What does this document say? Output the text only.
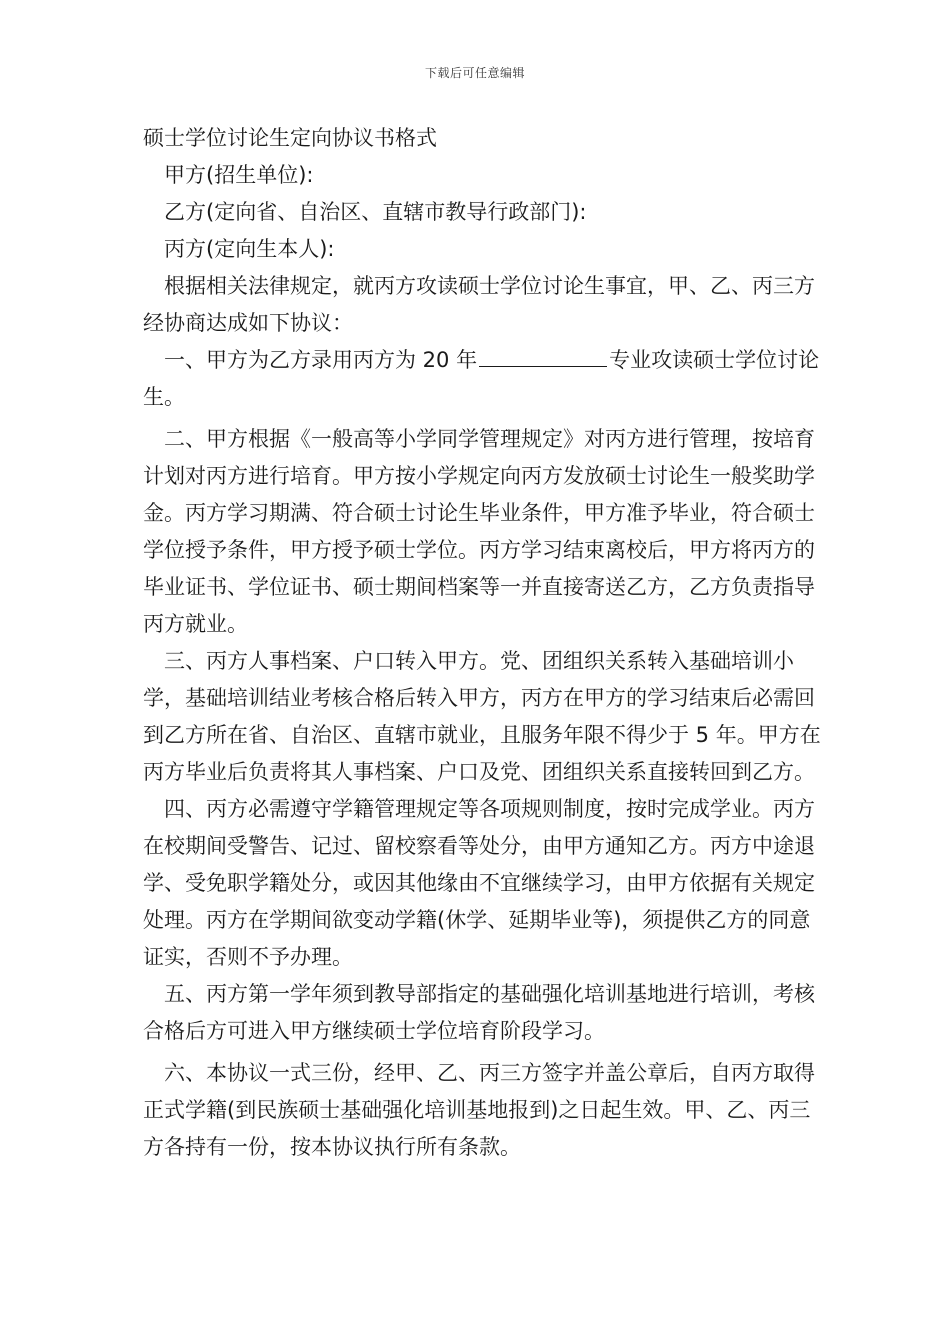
下载后可任意编辑

硕士学位讨论生定向协议书格式

甲方(招生单位):

乙方(定向省、自治区、直辖市教导行政部门):

丙方(定向生本人):

根据相关法律规定，就丙方攻读硕士学位讨论生事宜，甲、乙、丙三方经协商达成如下协议：

一、甲方为乙方录用丙方为 20 年	专业攻读硕士学位讨论生。

二、甲方根据《一般高等小学同学管理规定》对丙方进行管理，按培育计划对丙方进行培育。甲方按小学规定向丙方发放硕士讨论生一般奖助学金。丙方学习期满、符合硕士讨论生毕业条件，甲方准予毕业，符合硕士学位授予条件，甲方授予硕士学位。丙方学习结束离校后，甲方将丙方的毕业证书、学位证书、硕士期间档案等一并直接寄送乙方，乙方负责指导丙方就业。

三、丙方人事档案、户口转入甲方。党、团组织关系转入基础培训小学，基础培训结业考核合格后转入甲方，丙方在甲方的学习结束后必需回到乙方所在省、自治区、直辖市就业，且服务年限不得少于 5 年。甲方在丙方毕业后负责将其人事档案、户口及党、团组织关系直接转回到乙方。

四、丙方必需遵守学籍管理规定等各项规则制度，按时完成学业。丙方在校期间受警告、记过、留校察看等处分，由甲方通知乙方。丙方中途退学、受免职学籍处分，或因其他缘由不宜继续学习，由甲方依据有关规定处理。丙方在学期间欲变动学籍(休学、延期毕业等)，须提供乙方的同意证实，否则不予办理。

五、丙方第一学年须到教导部指定的基础强化培训基地进行培训，考核合格后方可进入甲方继续硕士学位培育阶段学习。

六、本协议一式三份，经甲、乙、丙三方签字并盖公章后，自丙方取得正式学籍(到民族硕士基础强化培训基地报到)之日起生效。甲、乙、丙三方各持有一份，按本协议执行所有条款。
